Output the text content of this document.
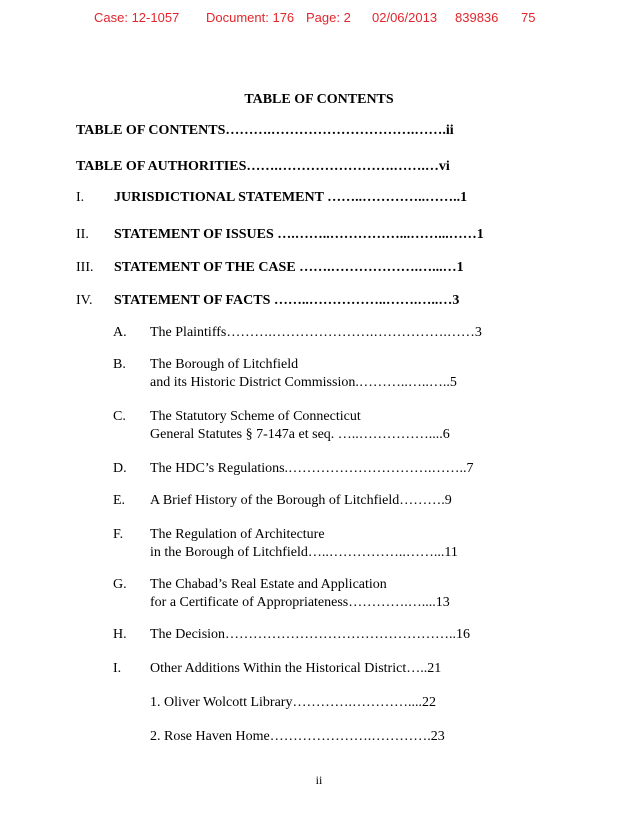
Case: 12-1057 Document: 176 Page: 2 02/06/2013 839836 75
TABLE OF CONTENTS
TABLE OF CONTENTS……….………………………….…….ii
TABLE OF AUTHORITIES…….…………………….…….…vi
I. JURISDICTIONAL STATEMENT ……..…………..……..1
II. STATEMENT OF ISSUES ….……..……………...……...……1
III. STATEMENT OF THE CASE …….……………….…...…1
IV. STATEMENT OF FACTS ……..……………..…….…..…3
A. The Plaintiffs……….………………….…………….……3
B. The Borough of Litchfield
and its Historic District Commission.………..…..…..5
C. The Statutory Scheme of Connecticut
General Statutes § 7-147a et seq. …..……………....6
D. The HDC’s Regulations.………………………….……..7
E. A Brief History of the Borough of Litchfield……….9
F. The Regulation of Architecture
in the Borough of Litchfield…..……………..……...11
G. The Chabad’s Real Estate and Application
for a Certificate of Appropriateness………….…....13
H. The Decision…………………………………………..16
I. Other Additions Within the Historical District…..21
1. Oliver Wolcott Library………….…………....22
2. Rose Haven Home………………….………….23
ii
